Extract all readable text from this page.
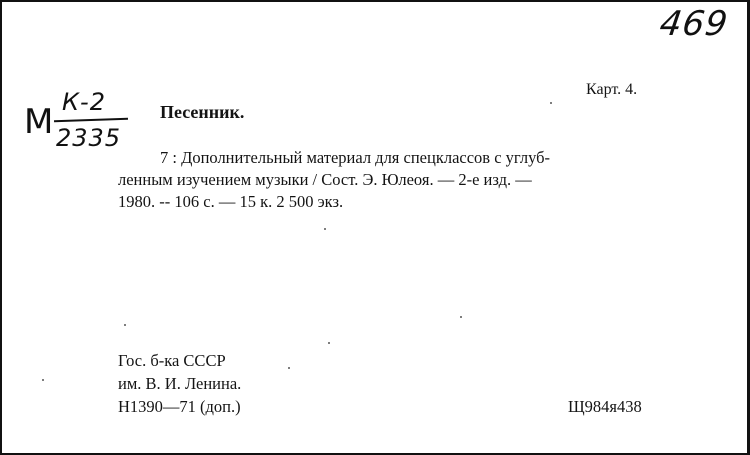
469
М К-2
2335
Карт. 4.
Песенник.
7 : Дополнительный материал для спецклассов с углуб-
ленным изучением музыки / Сост. Э. Юлеоя. — 2-е изд. —
1980. -- 106 с. — 15 к. 2 500 экз.
Гос. б-ка СССР
им. В. И. Ленина.
Н1390—71 (доп.)	Щ984я438
